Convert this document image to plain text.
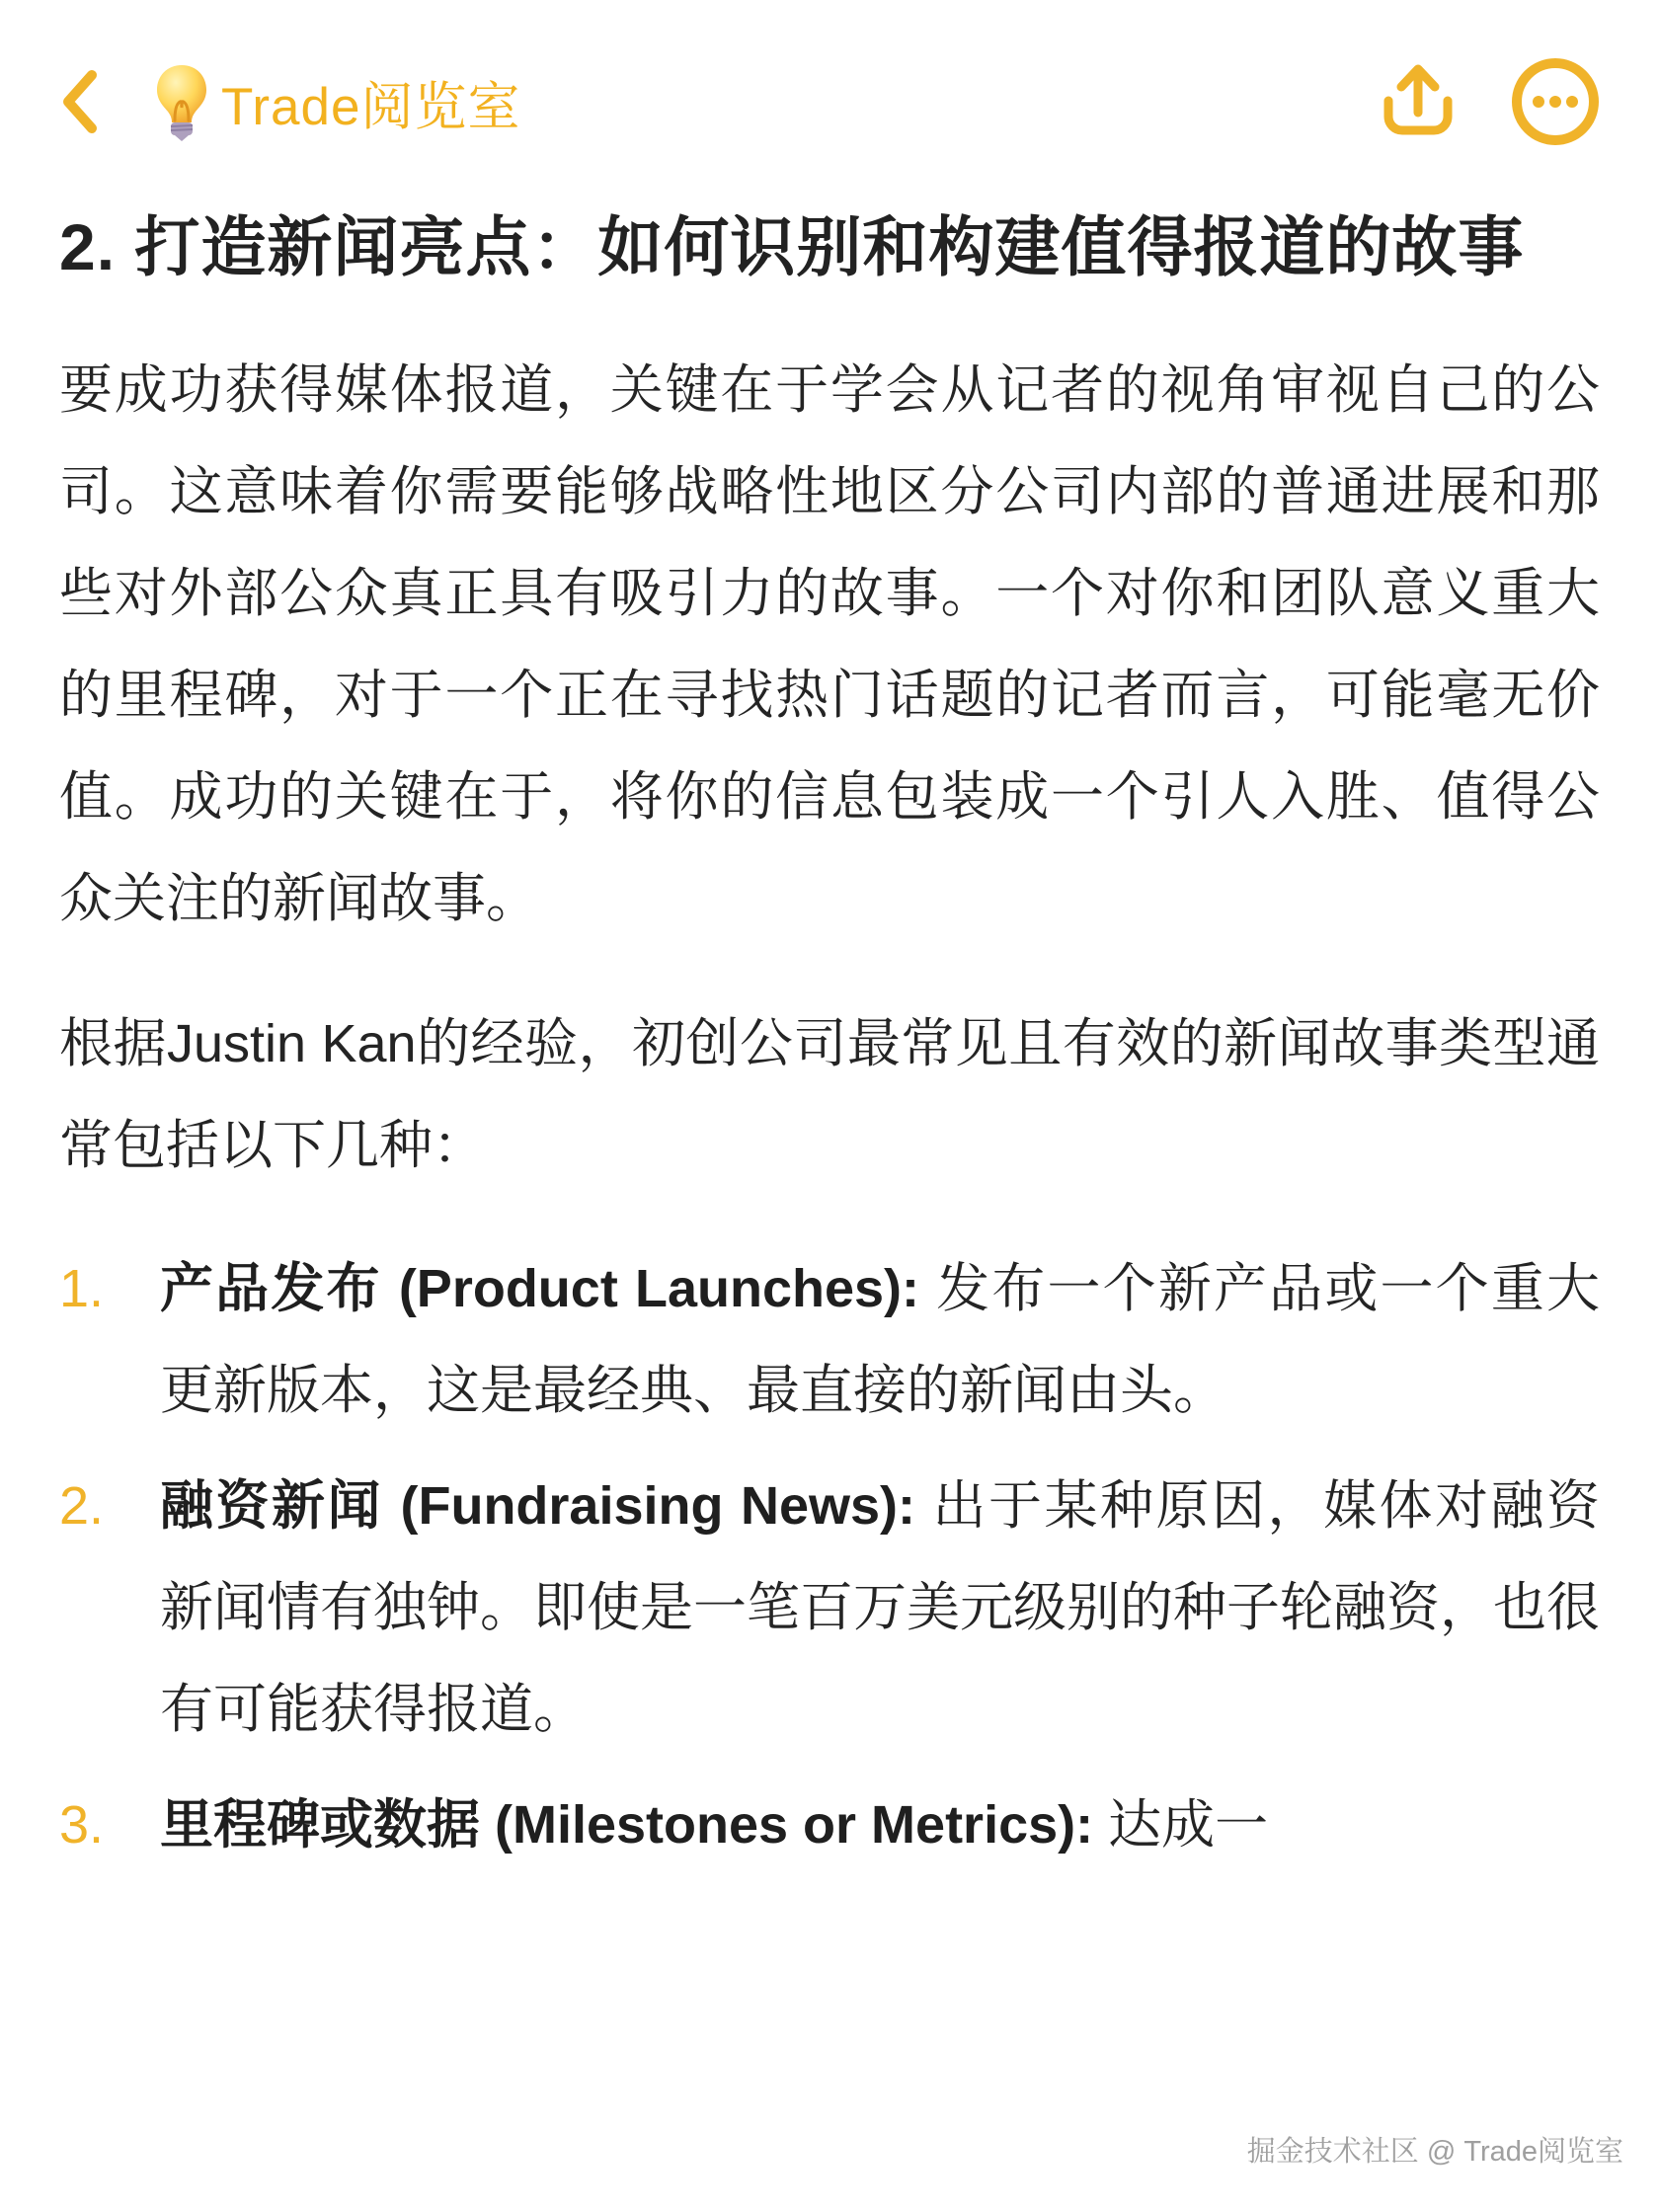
Trade阅览室
2. 打造新闻亮点：如何识别和构建值得报道的故事

要成功获得媒体报道，关键在于学会从记者的视角审视自己的公司。这意味着你需要能够战略性地区分公司内部的普通进展和那些对外部公众真正具有吸引力的故事。一个对你和团队意义重大的里程碑，对于一个正在寻找热门话题的记者而言，可能毫无价值。成功的关键在于，将你的信息包装成一个引人入胜、值得公众关注的新闻故事。

根据Justin Kan的经验，初创公司最常见且有效的新闻故事类型通常包括以下几种：

1.	产品发布 (Product Launches): 发布一个新产品或一个重大更新版本，这是最经典、最直接的新闻由头。
2.	融资新闻 (Fundraising News): 出于某种原因，媒体对融资新闻情有独钟。即使是一笔百万美元级别的种子轮融资，也很有可能获得报道。
3.	里程碑或数据 (Milestones or Metrics): 达成一
掘金技术社区 @ Trade阅览室
